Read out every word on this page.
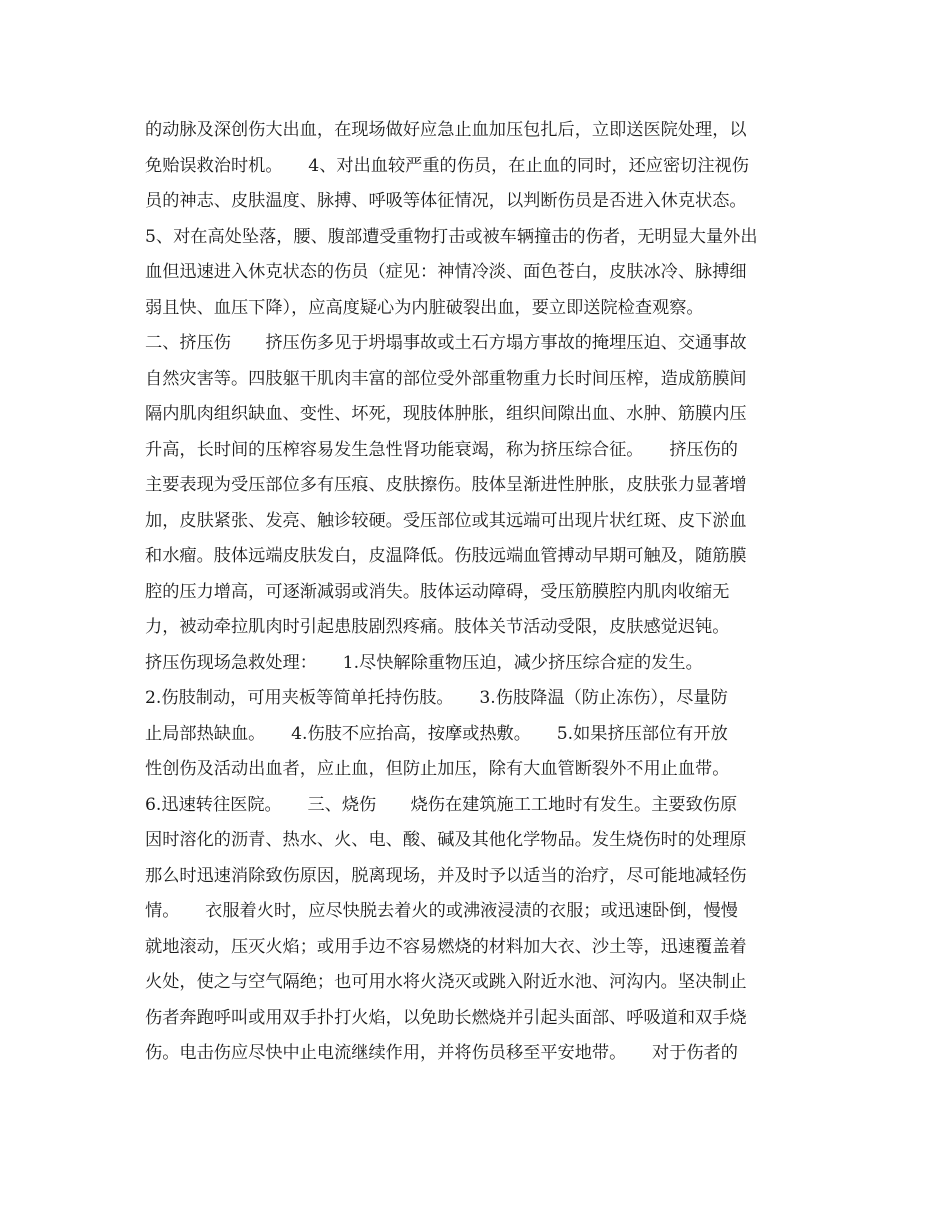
的动脉及深创伤大出血，在现场做好应急止血加压包扎后，立即送医院处理，以
免贻误救治时机。　　4、对出血较严重的伤员，在止血的同时，还应密切注视伤
员的神志、皮肤温度、脉搏、呼吸等体征情况，以判断伤员是否进入休克状态。
5、对在高处坠落，腰、腹部遭受重物打击或被车辆撞击的伤者，无明显大量外出
血但迅速进入休克状态的伤员（症见：神情冷淡、面色苍白，皮肤冰冷、脉搏细
弱且快、血压下降），应高度疑心为内脏破裂出血，要立即送院检查观察。
二、挤压伤　　挤压伤多见于坍塌事故或土石方塌方事故的掩埋压迫、交通事故
自然灾害等。四肢躯干肌肉丰富的部位受外部重物重力长时间压榨，造成筋膜间
隔内肌肉组织缺血、变性、坏死，现肢体肿胀，组织间隙出血、水肿、筋膜内压
升高，长时间的压榨容易发生急性肾功能衰竭，称为挤压综合征。　　挤压伤的
主要表现为受压部位多有压痕、皮肤擦伤。肢体呈渐进性肿胀，皮肤张力显著增
加，皮肤紧张、发亮、触诊较硬。受压部位或其远端可出现片状红斑、皮下淤血
和水瘤。肢体远端皮肤发白，皮温降低。伤肢远端血管搏动早期可触及，随筋膜
腔的压力增高，可逐渐减弱或消失。肢体运动障碍，受压筋膜腔内肌肉收缩无
力，被动牵拉肌肉时引起患肢剧烈疼痛。肢体关节活动受限，皮肤感觉迟钝。
挤压伤现场急救处理：　　1.尽快解除重物压迫，减少挤压综合症的发生。
2.伤肢制动，可用夹板等简单托持伤肢。　　3.伤肢降温（防止冻伤），尽量防
止局部热缺血。　　4.伤肢不应抬高，按摩或热敷。　　5.如果挤压部位有开放
性创伤及活动出血者，应止血，但防止加压，除有大血管断裂外不用止血带。
6.迅速转往医院。　　三、烧伤　　烧伤在建筑施工工地时有发生。主要致伤原
因时溶化的沥青、热水、火、电、酸、碱及其他化学物品。发生烧伤时的处理原
那么时迅速消除致伤原因，脱离现场，并及时予以适当的治疗，尽可能地减轻伤
情。　　衣服着火时，应尽快脱去着火的或沸液浸渍的衣服；或迅速卧倒，慢慢
就地滚动，压灭火焰；或用手边不容易燃烧的材料加大衣、沙土等，迅速覆盖着
火处，使之与空气隔绝；也可用水将火浇灭或跳入附近水池、河沟内。坚决制止
伤者奔跑呼叫或用双手扑打火焰，以免助长燃烧并引起头面部、呼吸道和双手烧
伤。电击伤应尽快中止电流继续作用，并将伤员移至平安地带。　　对于伤者的
